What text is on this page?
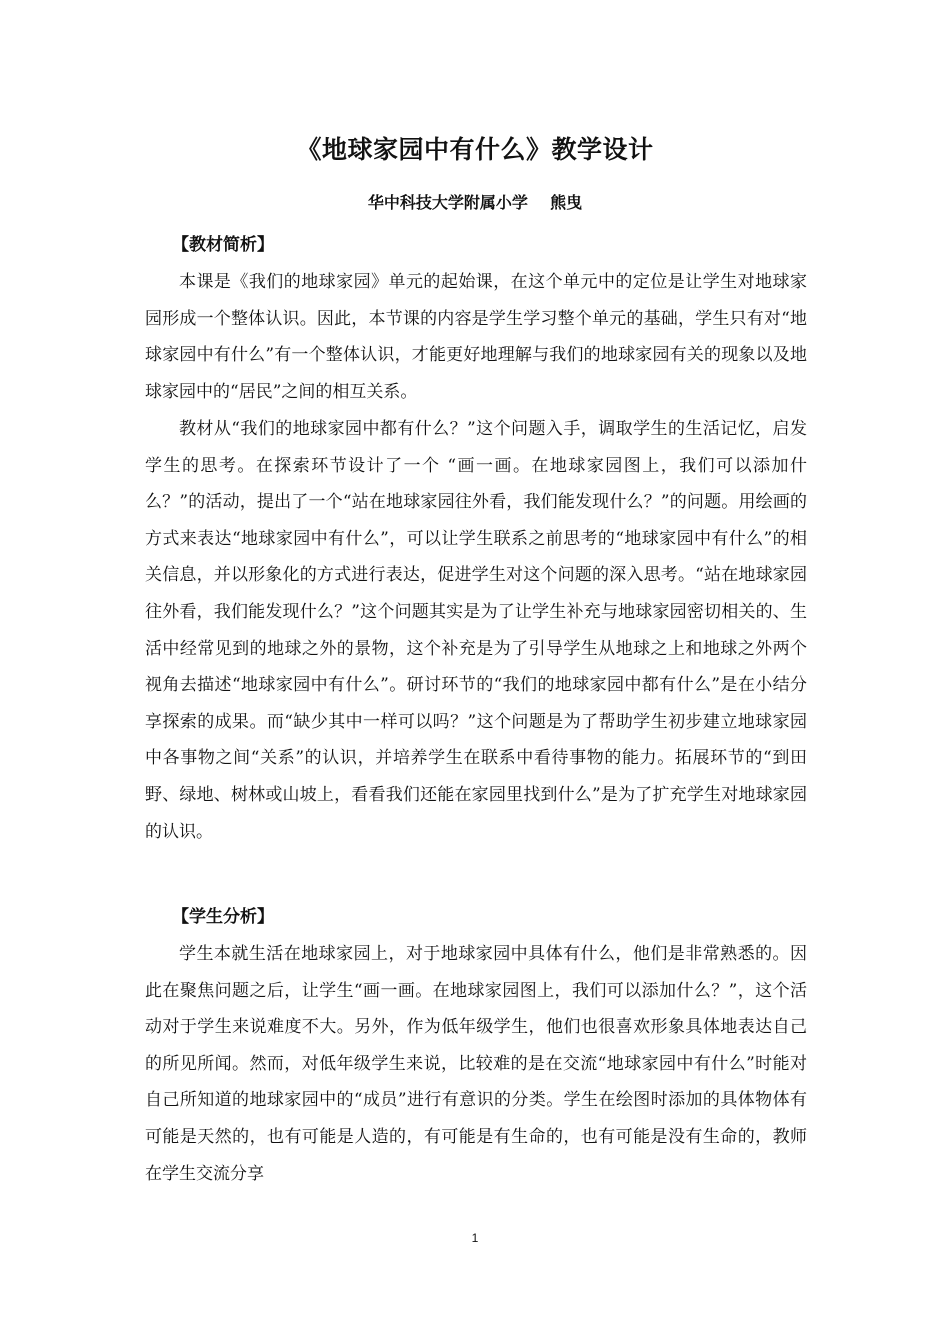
《地球家园中有什么》教学设计
华中科技大学附属小学    熊曳
【教材简析】

本课是《我们的地球家园》单元的起始课，在这个单元中的定位是让学生对地球家园形成一个整体认识。因此，本节课的内容是学生学习整个单元的基础，学生只有对“地球家园中有什么”有一个整体认识，才能更好地理解与我们的地球家园有关的现象以及地球家园中的“居民”之间的相互关系。

教材从“我们的地球家园中都有什么？”这个问题入手，调取学生的生活记忆，启发学生的思考。在探索环节设计了一个 “画一画。在地球家园图上，我们可以添加什么？”的活动，提出了一个“站在地球家园往外看，我们能发现什么？”的问题。用绘画的方式来表达“地球家园中有什么”，可以让学生联系之前思考的“地球家园中有什么”的相关信息，并以形象化的方式进行表达，促进学生对这个问题的深入思考。“站在地球家园往外看，我们能发现什么？”这个问题其实是为了让学生补充与地球家园密切相关的、生活中经常见到的地球之外的景物，这个补充是为了引导学生从地球之上和地球之外两个视角去描述“地球家园中有什么”。研讨环节的“我们的地球家园中都有什么”是在小结分享探索的成果。而“缺少其中一样可以吗？”这个问题是为了帮助学生初步建立地球家园中各事物之间“关系”的认识，并培养学生在联系中看待事物的能力。拓展环节的“到田野、绿地、树林或山坡上，看看我们还能在家园里找到什么”是为了扩充学生对地球家园的认识。

【学生分析】

学生本就生活在地球家园上，对于地球家园中具体有什么，他们是非常熟悉的。因此在聚焦问题之后，让学生“画一画。在地球家园图上，我们可以添加什么？”，这个活动对于学生来说难度不大。另外，作为低年级学生，他们也很喜欢形象具体地表达自己的所见所闻。然而，对低年级学生来说，比较难的是在交流“地球家园中有什么”时能对自己所知道的地球家园中的“成员”进行有意识的分类。学生在绘图时添加的具体物体有可能是天然的，也有可能是人造的，有可能是有生命的，也有可能是没有生命的，教师在学生交流分享

1
